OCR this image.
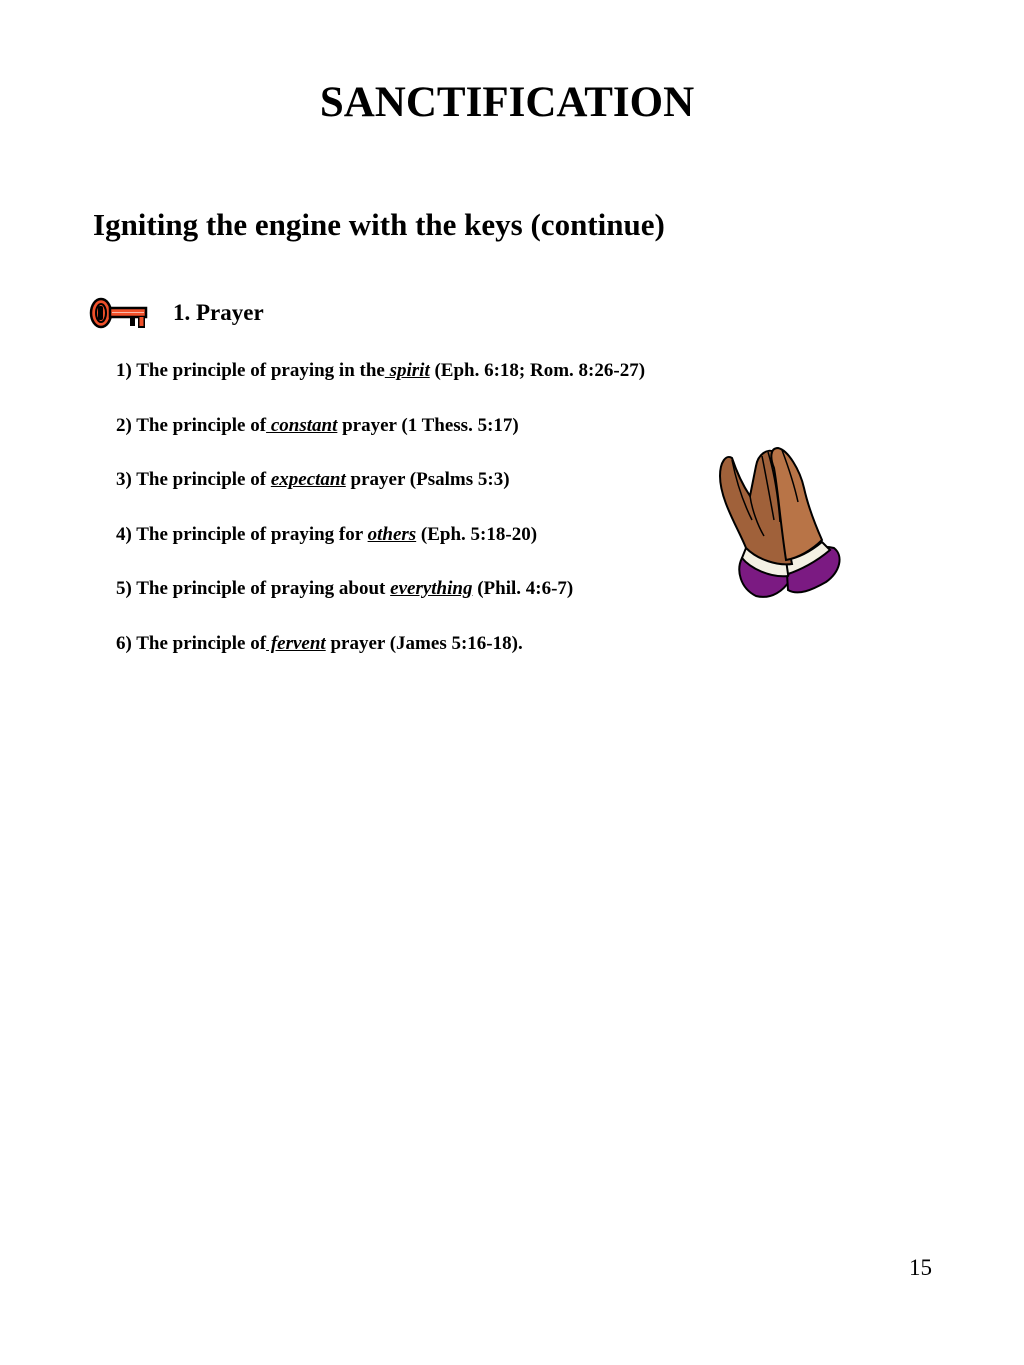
SANCTIFICATION
Igniting the engine with the keys (continue)
1. Prayer
1) The principle of praying in the spirit (Eph. 6:18; Rom. 8:26-27)
2) The principle of constant prayer (1 Thess. 5:17)
3) The principle of expectant prayer (Psalms 5:3)
4) The principle of praying for others (Eph. 5:18-20)
5) The principle of praying about everything (Phil. 4:6-7)
6) The principle of fervent prayer (James 5:16-18).
15
